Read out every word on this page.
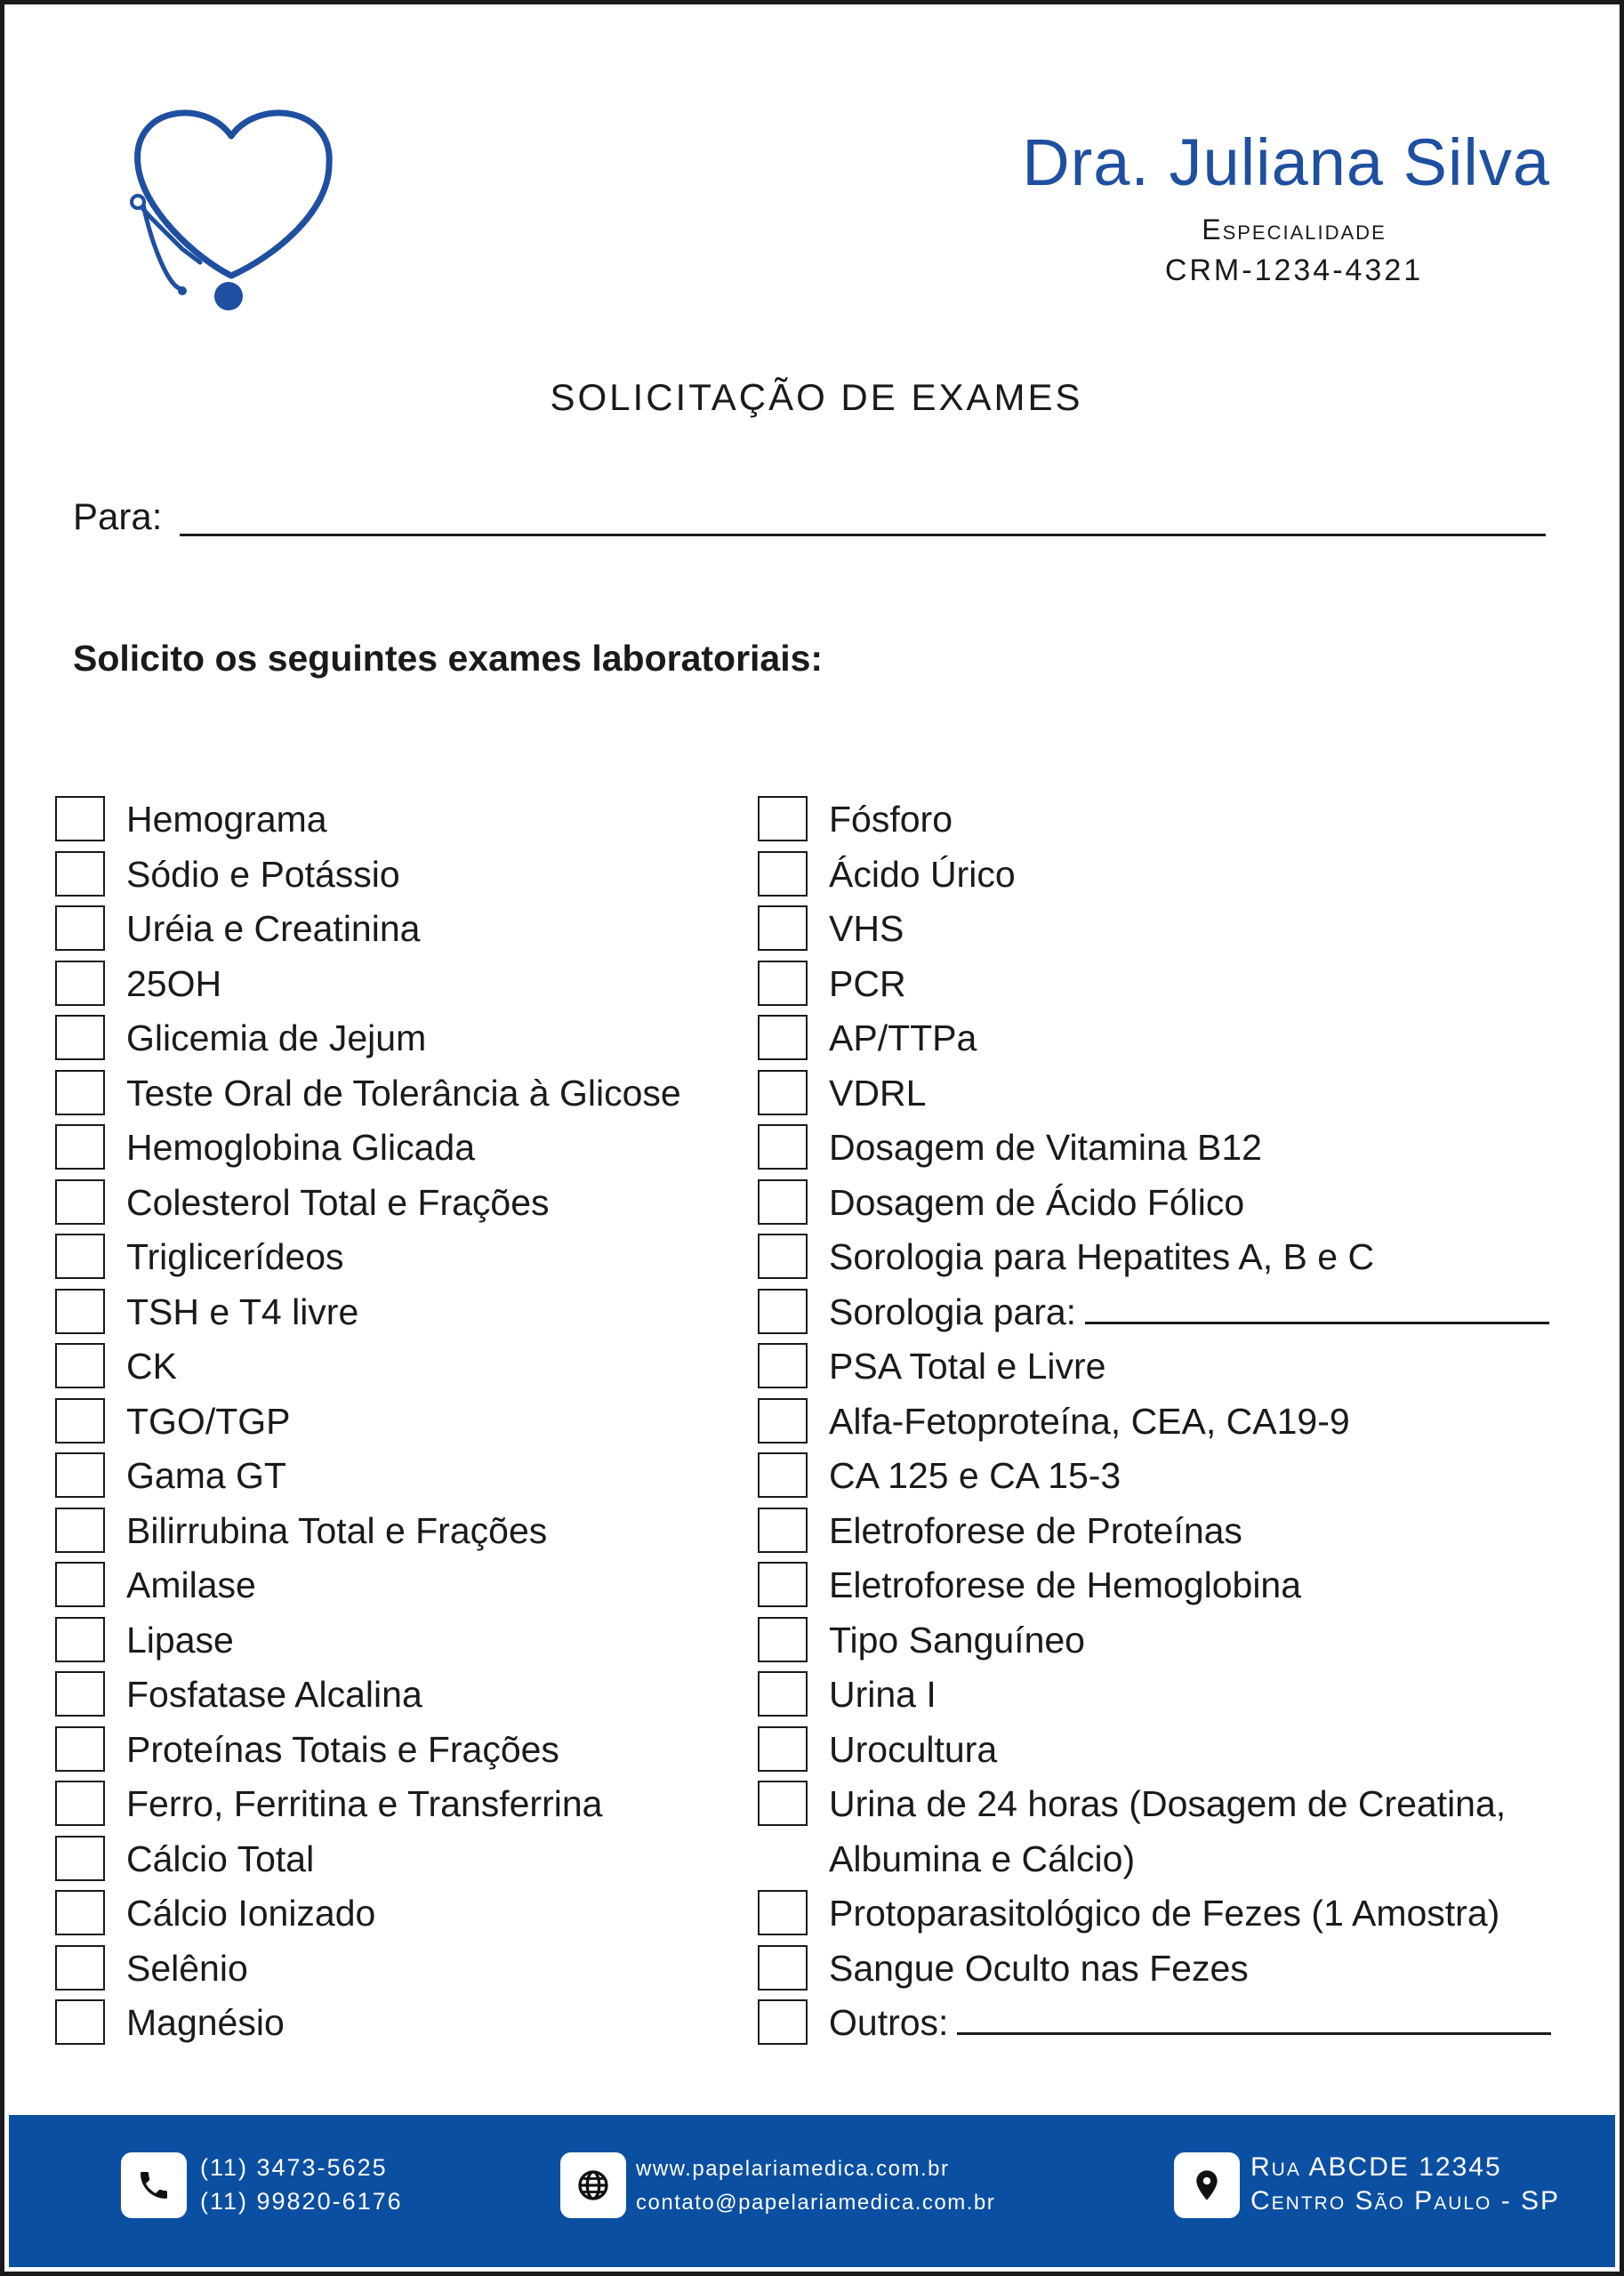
Dra. Juliana Silva
Especialidade
CRM-1234-4321
SOLICITAÇÃO DE EXAMES
Para:
Solicito os seguintes exames laboratoriais:
Hemograma
Sódio e Potássio
Uréia e Creatinina
25OH
Glicemia de Jejum
Teste Oral de Tolerância à Glicose
Hemoglobina Glicada
Colesterol Total e Frações
Triglicerídeos
TSH e T4 livre
CK
TGO/TGP
Gama GT
Bilirrubina Total e Frações
Amilase
Lipase
Fosfatase Alcalina
Proteínas Totais e Frações
Ferro, Ferritina e Transferrina
Cálcio Total
Cálcio Ionizado
Selênio
Magnésio
Fósforo
Ácido Úrico
VHS
PCR
AP/TTPa
VDRL
Dosagem de Vitamina B12
Dosagem de Ácido Fólico
Sorologia para Hepatites A, B e C
Sorologia para:
PSA Total e Livre
Alfa-Fetoproteína, CEA, CA19-9
CA 125 e CA 15-3
Eletroforese de Proteínas
Eletroforese de Hemoglobina
Tipo Sanguíneo
Urina I
Urocultura
Urina de 24 horas (Dosagem de Creatina, Albumina e Cálcio)
Protoparasitológico de Fezes (1 Amostra)
Sangue Oculto nas Fezes
Outros:
(11) 3473-5625
(11) 99820-6176
www.papelariamedica.com.br
contato@papelariamedica.com.br
Rua ABCDE 12345
Centro São Paulo - SP
